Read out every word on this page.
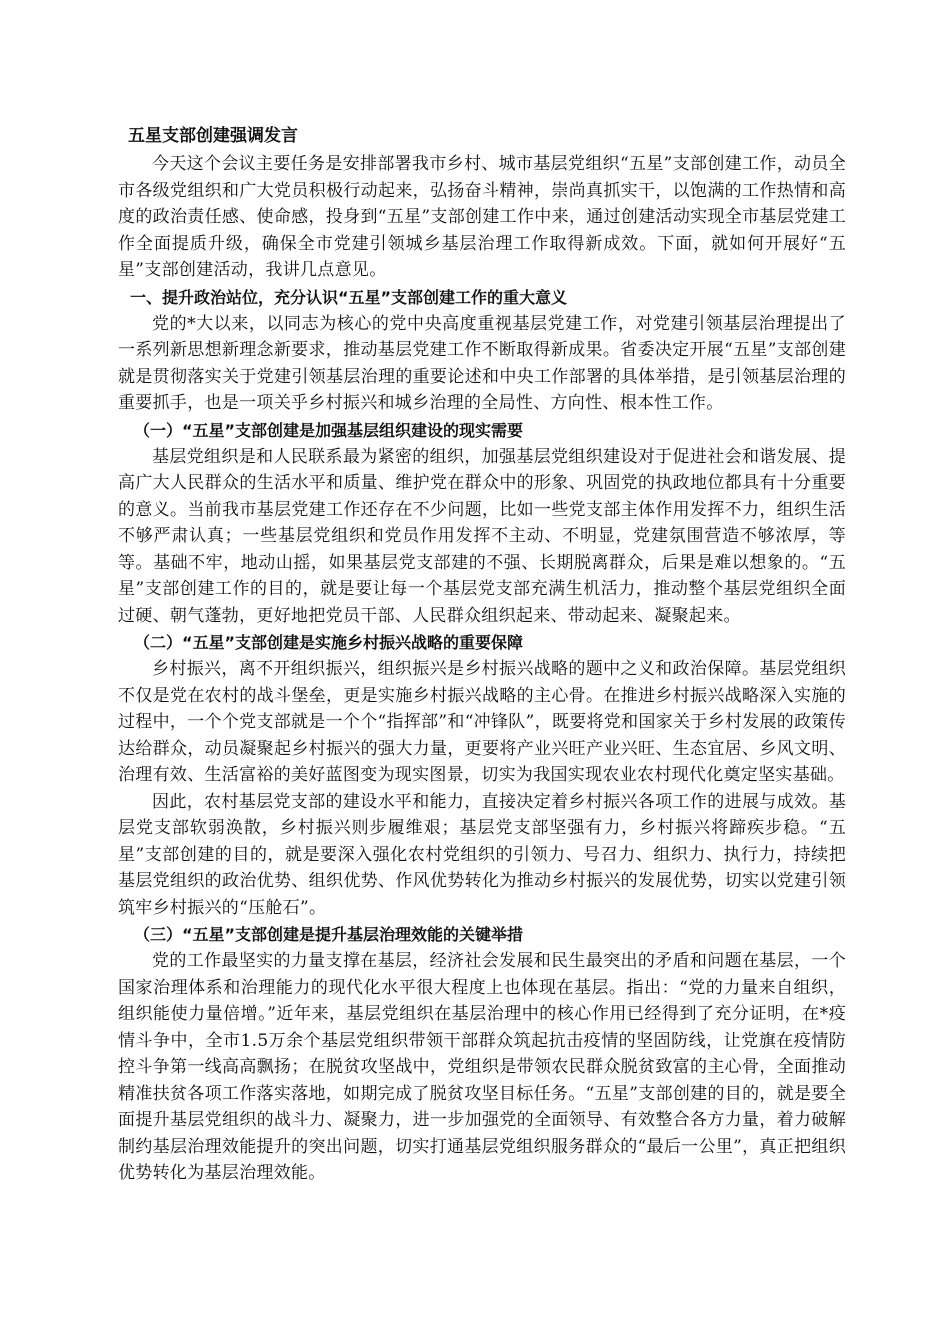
五星支部创建强调发言

今天这个会议主要任务是安排部署我市乡村、城市基层党组织“五星”支部创建工作，动员全市各级党组织和广大党员积极行动起来，弘扬奋斗精神，崇尚真抓实干，以饱满的工作热情和高度的政治责任感、使命感，投身到“五星”支部创建工作中来，通过创建活动实现全市基层党建工作全面提质升级，确保全市党建引领城乡基层治理工作取得新成效。下面，就如何开展好“五星”支部创建活动，我讲几点意见。

一、提升政治站位，充分认识“五星”支部创建工作的重大意义

党的*大以来，以同志为核心的党中央高度重视基层党建工作，对党建引领基层治理提出了一系列新思想新理念新要求，推动基层党建工作不断取得新成果。省委决定开展“五星”支部创建就是贯彻落实关于党建引领基层治理的重要论述和中央工作部署的具体举措，是引领基层治理的重要抓手，也是一项关乎乡村振兴和城乡治理的全局性、方向性、根本性工作。

（一）“五星”支部创建是加强基层组织建设的现实需要

基层党组织是和人民联系最为紧密的组织，加强基层党组织建设对于促进社会和谐发展、提高广大人民群众的生活水平和质量、维护党在群众中的形象、巩固党的执政地位都具有十分重要的意义。当前我市基层党建工作还存在不少问题，比如一些党支部主体作用发挥不力，组织生活不够严肃认真；一些基层党组织和党员作用发挥不主动、不明显，党建氛围营造不够浓厚，等等。基础不牢，地动山摇，如果基层党支部建的不强、长期脱离群众，后果是难以想象的。“五星”支部创建工作的目的，就是要让每一个基层党支部充满生机活力，推动整个基层党组织全面过硬、朝气蓬勃，更好地把党员干部、人民群众组织起来、带动起来、凝聚起来。

（二）“五星”支部创建是实施乡村振兴战略的重要保障

乡村振兴，离不开组织振兴，组织振兴是乡村振兴战略的题中之义和政治保障。基层党组织不仅是党在农村的战斗堡垒，更是实施乡村振兴战略的主心骨。在推进乡村振兴战略深入实施的过程中，一个个党支部就是一个个“指挥部”和“冲锋队”，既要将党和国家关于乡村发展的政策传达给群众，动员凝聚起乡村振兴的强大力量，更要将产业兴旺产业兴旺、生态宜居、乡风文明、治理有效、生活富裕的美好蓝图变为现实图景，切实为我国实现农业农村现代化奠定坚实基础。

因此，农村基层党支部的建设水平和能力，直接决定着乡村振兴各项工作的进展与成效。基层党支部软弱涣散，乡村振兴则步履维艰；基层党支部坚强有力，乡村振兴将蹄疾步稳。“五星”支部创建的目的，就是要深入强化农村党组织的引领力、号召力、组织力、执行力，持续把基层党组织的政治优势、组织优势、作风优势转化为推动乡村振兴的发展优势，切实以党建引领筑牢乡村振兴的“压舱石”。

（三）“五星”支部创建是提升基层治理效能的关键举措

党的工作最坚实的力量支撑在基层，经济社会发展和民生最突出的矛盾和问题在基层，一个国家治理体系和治理能力的现代化水平很大程度上也体现在基层。指出：“党的力量来自组织，组织能使力量倍增。”近年来，基层党组织在基层治理中的核心作用已经得到了充分证明，在*疫情斗争中，全市1.5万余个基层党组织带领干部群众筑起抗击疫情的坚固防线，让党旗在疫情防控斗争第一线高高飘扬；在脱贫攻坚战中，党组织是带领农民群众脱贫致富的主心骨，全面推动精准扶贫各项工作落实落地，如期完成了脱贫攻坚目标任务。“五星”支部创建的目的，就是要全面提升基层党组织的战斗力、凝聚力，进一步加强党的全面领导、有效整合各方力量，着力破解制约基层治理效能提升的突出问题，切实打通基层党组织服务群众的“最后一公里”，真正把组织优势转化为基层治理效能。
